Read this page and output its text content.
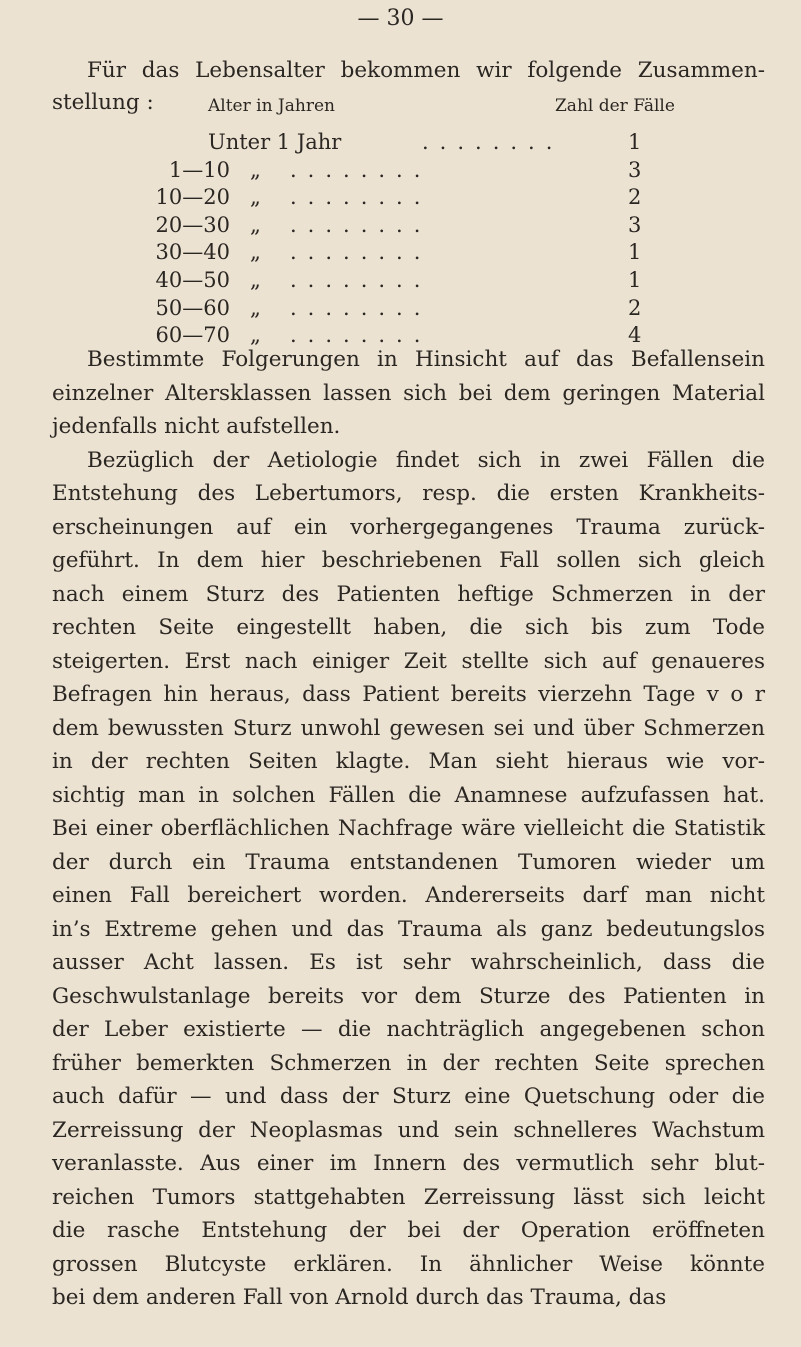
— 30 —
Für das Lebensalter bekommen wir folgende Zusammen-
stellung :	Alter in Jahren	Zahl der Fälle
Unter 1 Jahr	........	1
1—10 „ ........	3
10—20 „ ........	2
20—30 „ ........	3
30—40 „ ........	1
40—50 „ ........	1
50—60 „ ........	2
60—70 „ ........	4
Bestimmte Folgerungen in Hinsicht auf das Befallensein
einzelner Altersklassen lassen sich bei dem geringen Material
jedenfalls nicht aufstellen.
Bezüglich der Aetiologie findet sich in zwei Fällen die
Entstehung des Lebertumors, resp. die ersten Krankheits-
erscheinungen auf ein vorhergegangenes Trauma zurück-
geführt. In dem hier beschriebenen Fall sollen sich gleich
nach einem Sturz des Patienten heftige Schmerzen in der
rechten Seite eingestellt haben, die sich bis zum Tode
steigerten. Erst nach einiger Zeit stellte sich auf genaueres
Befragen hin heraus, dass Patient bereits vierzehn Tage v o r
dem bewussten Sturz unwohl gewesen sei und über Schmerzen
in der rechten Seiten klagte. Man sieht hieraus wie vor-
sichtig man in solchen Fällen die Anamnese aufzufassen hat.
Bei einer oberflächlichen Nachfrage wäre vielleicht die Statistik
der durch ein Trauma entstandenen Tumoren wieder um
einen Fall bereichert worden. Andererseits darf man nicht
in’s Extreme gehen und das Trauma als ganz bedeutungslos
ausser Acht lassen. Es ist sehr wahrscheinlich, dass die
Geschwulstanlage bereits vor dem Sturze des Patienten in
der Leber existierte — die nachträglich angegebenen schon
früher bemerkten Schmerzen in der rechten Seite sprechen
auch dafür — und dass der Sturz eine Quetschung oder die
Zerreissung der Neoplasmas und sein schnelleres Wachstum
veranlasste. Aus einer im Innern des vermutlich sehr blut-
reichen Tumors stattgehabten Zerreissung lässt sich leicht
die rasche Entstehung der bei der Operation eröffneten
grossen Blutcyste erklären. In ähnlicher Weise könnte
bei dem anderen Fall von Arnold durch das Trauma, das
